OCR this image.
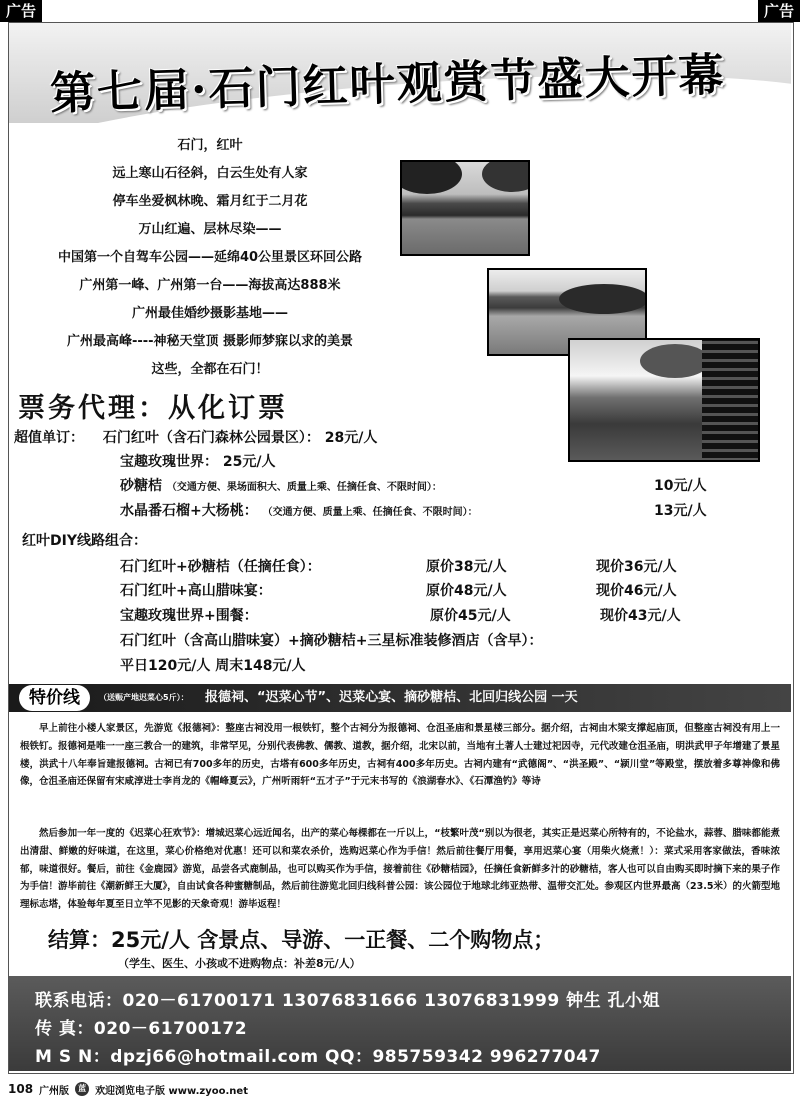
广告	广告
第七届·石门红叶观赏节盛大开幕
石门，红叶
远上寒山石径斜，白云生处有人家
停车坐爱枫林晚、霜月红于二月花
万山红遍、层林尽染——
中国第一个自驾车公园——延绵40公里景区环回公路
广州第一峰、广州第一台——海拔高达888米
广州最佳婚纱摄影基地——
广州最高峰----神秘天堂顶 摄影师梦寐以求的美景
这些，全都在石门！
票务代理：从化订票
超值单订： 石门红叶（含石门森林公园景区）： 28元/人
宝趣玫瑰世界： 25元/人
砂糖桔 （交通方便、果场面积大、质量上乘、任摘任食、不限时间）：	10元/人
水晶番石榴+大杨桃： （交通方便、质量上乘、任摘任食、不限时间）：	13元/人
红叶DIY线路组合：
石门红叶+砂糖桔（任摘任食）：	原价38元/人	现价36元/人
石门红叶+高山腊味宴：	原价48元/人	现价46元/人
宝趣玫瑰世界+围餐：	原价45元/人	现价43元/人
石门红叶（含高山腊味宴）+摘砂糖桔+三星标准装修酒店（含早）：
平日120元/人 周末148元/人
特价线	（送赈产地迟菜心5斤）： 报德祠、“迟菜心节”、迟菜心宴、摘砂糖桔、北回归线公园 一天
早上前往小楼人家景区，先游览《报德祠》：整座古祠没用一根铁钉，整个古祠分为报德祠、仓沮圣庙和景星楼三部分。据介绍，古祠由木梁支撑起庙顶，但整座古祠没有用上一根铁钉。报德祠是唯一一座三教合一的建筑，非常罕见，分别代表佛教、儒教、道教，据介绍，北宋以前，当地有土著人士建过祀因寺，元代改建仓沮圣庙，明洪武甲子年增建了景星楼，洪武十八年奉旨建报德祠。古祠已有700多年的历史，古塔有600多年历史，古祠有400多年历史。古祠内建有“武德阁”、“洪圣殿”、“颍川堂”等殿堂，摆放着多尊神像和佛像，仓沮圣庙还保留有宋咸淳进士李肖龙的《帽峰夏云》，广州听雨轩“五才子”于元末书写的《浪湖春水》、《石潭渔钓》等诗
然后参加一年一度的《迟菜心狂欢节》：增城迟菜心远近闻名，出产的菜心每棵都在一斤以上，“枝繁叶茂“别以为很老，其实正是迟菜心所特有的，不论盐水，蒜蓉、腊味都能煮出清甜、鲜嫩的好味道，在这里，菜心价格绝对优惠！还可以和菜农杀价，选购迟菜心作为手信！然后前往餐厅用餐，享用迟菜心宴（用柴火烧煮！）：菜式采用客家做法，香味浓郁，味道很好。餐后，前往《金鹿园》游览，品尝各式鹿制品，也可以购买作为手信，接着前往《砂糖桔园》，任摘任食新鲜多汁的砂糖桔，客人也可以自由购买即时摘下来的果子作为手信！游毕前往《潮新鲜王大厦》，自由试食各种蜜糖制品，然后前往游览北回归线科普公园：该公园位于地球北纬亚热带、温带交汇处。参观区内世界最高（23.5米）的火箭型地理标志塔，体验每年夏至日立竿不见影的天象奇观！游毕返程！
结算：25元/人 含景点、导游、一正餐、二个购物点；
（学生、医生、小孩或不进购物点：补差8元/人）
联系电话：020－61700171 13076831666 13076831999 钟生 孔小姐
传 真：020－61700172
M S N：dpzj66@hotmail.com QQ：985759342 996277047
108 广州版	蓝 欢迎浏览电子版 www.zyoo.net
